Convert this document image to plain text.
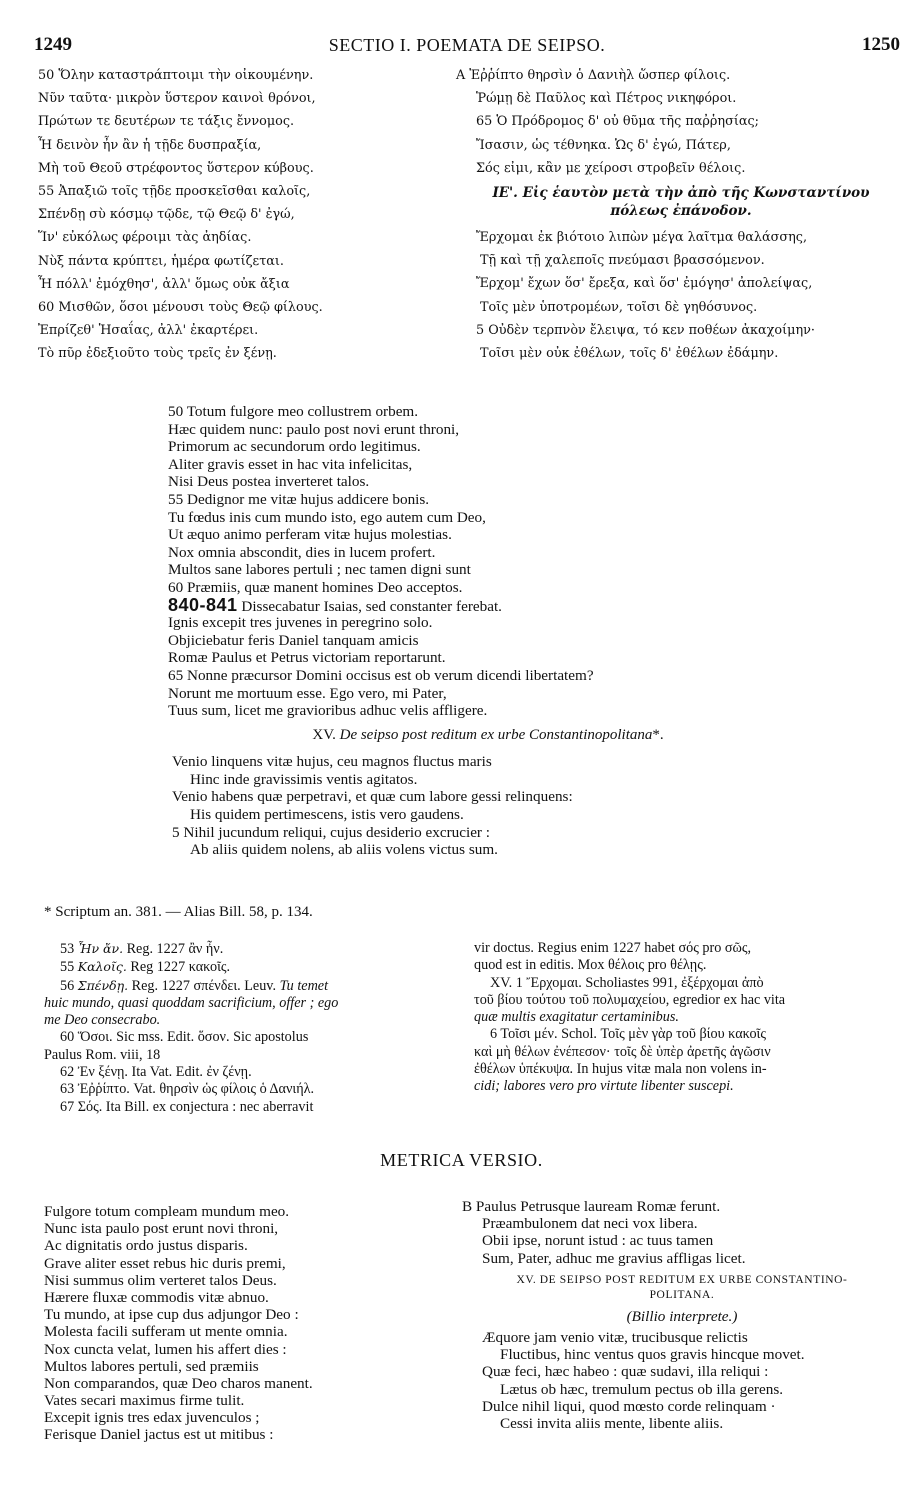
1249	SECTIO I. POEMATA DE SEIPSO.	1250
50 Ὅλην καταστράπτοιμι τὴν οἰκουμένην.
Νῦν ταῦτα· μικρὸν ὕστερον καινοὶ θρόνοι,
Πρώτων τε δευτέρων τε τάξις ἔννομος.
Ἦ δεινὸν ἦν ἂν ἡ τῇδε δυσπραξία,
Μὴ τοῦ Θεοῦ στρέφοντος ὕστερον κύβους.
55 Ἀπαξιῶ τοῖς τῇδε προσκεῖσθαι καλοῖς,
Σπένδῃ σὺ κόσμῳ τῷδε, τῷ Θεῷ δ' ἐγώ,
Ἵν' εὐκόλως φέροιμι τὰς ἀηδίας.
Νὺξ πάντα κρύπτει, ἡμέρα φωτίζεται.
Ἦ πόλλ' ἐμόχθησ', ἀλλ' ὅμως οὐκ ἄξια
60 Μισθῶν, ὅσοι μένουσι τοὺς Θεῷ φίλους.
Ἐπρίζεθ' Ἡσαΐας, ἀλλ' ἐκαρτέρει.
Τὸ πῦρ ἐδεξιοῦτο τοὺς τρεῖς ἐν ξένῃ.
A Ἐῤῥίπτο θηρσὶν ὁ Δανιὴλ ὥσπερ φίλοις.
Ῥώμῃ δὲ Παῦλος καὶ Πέτρος νικηφόροι.
65 Ὁ Πρόδρομος δ' οὐ θῦμα τῆς παῤῥησίας;
Ἴσασιν, ὡς τέθνηκα. Ὡς δ' ἐγώ, Πάτερ,
Σός εἰμι, κἂν με χείροσι στροβεῖν θέλοις.
ΙΕ'. Εἰς ἑαυτὸν μετὰ τὴν ἀπὸ τῆς Κωνσταντίνου
πόλεως ἐπάνοδον.
Ἔρχομαι ἐκ βιότοιο λιπὼν μέγα λαῖτμα θαλάσσης,
Τῇ καὶ τῇ χαλεποῖς πνεύμασι βρασσόμενον.
Ἔρχομ' ἔχων ὅσ' ἔρεξα, καὶ ὅσ' ἐμόγησ' ἀπολείψας,
Τοῖς μὲν ὑποτρομέων, τοῖσι δὲ γηθόσυνος.
5 Οὐδὲν τερπνὸν ἔλειψα, τό κεν ποθέων ἀκαχοίμην·
Τοῖσι μὲν οὐκ ἐθέλων, τοῖς δ' ἐθέλων ἐδάμην.
50 Totum fulgore meo collustrem orbem.
Hæc quidem nunc: paulo post novi erunt throni,
Primorum ac secundorum ordo legitimus.
Aliter gravis esset in hac vita infelicitas,
Nisi Deus postea inverteret talos.
55 Dedignor me vitæ hujus addicere bonis.
Tu fœdus inis cum mundo isto, ego autem cum Deo,
Ut æquo animo perferam vitæ hujus molestias.
Nox omnia abscondit, dies in lucem profert.
Multos sane labores pertuli ; nec tamen digni sunt
60 Præmiis, quæ manent homines Deo acceptos.
840-841 Dissecabatur Isaias, sed constanter ferebat.
Ignis excepit tres juvenes in peregrino solo.
Objiciebatur feris Daniel tanquam amicis
Romæ Paulus et Petrus victoriam reportarunt.
65 Nonne præcursor Domini occisus est ob verum dicendi libertatem?
Norunt me mortuum esse. Ego vero, mi Pater,
Tuus sum, licet me gravioribus adhuc velis affligere.
XV. De seipso post reditum ex urbe Constantinopolitana*.
Venio linquens vitæ hujus, ceu magnos fluctus maris
Hinc inde gravissimis ventis agitatos.
Venio habens quæ perpetravi, et quæ cum labore gessi relinquens:
His quidem pertimescens, istis vero gaudens.
5 Nihil jucundum reliqui, cujus desiderio excrucier :
Ab aliis quidem nolens, ab aliis volens victus sum.
* Scriptum an. 381. — Alias Bill. 58, p. 134.
53 Ἦν ἄν. Reg. 1227 ἂν ἦν.
55 Καλοῖς. Reg 1227 κακοῖς.
56 Σπένδῃ. Reg. 1227 σπένδει. Leuv. Tu temet
huic mundo, quasi quoddam sacrificium, offer ; ego
me Deo consecrabo.
60 Ὅσοι. Sic mss. Edit. ὅσον. Sic apostolus
Paulus Rom. viii, 18
62 Ἐν ξένῃ. Ita Vat. Edit. ἐν ζένῃ.
63 Ἐῤῥίπτο. Vat. θηρσὶν ὡς φίλοις ὁ Δανιήλ.
67 Σός. Ita Bill. ex conjectura : nec aberravit
vir doctus. Regius enim 1227 habet σός pro σῶς,
quod est in editis. Mox θέλοις pro θέλῃς.
XV. 1 Ἔρχομαι. Scholiastes 991, ἐξέρχομαι ἀπὸ
τοῦ βίου τούτου τοῦ πολυμαχείου, egredior ex hac vita
quæ multis exagitatur certaminibus.
6 Τοῖσι μέν. Schol. Τοῖς μὲν γὰρ τοῦ βίου κακοῖς
καὶ μὴ θέλων ἐνέπεσον· τοῖς δὲ ὑπὲρ ἀρετῆς ἀγῶσιν
ἐθέλων ὑπέκυψα. In hujus vitæ mala non volens in-
cidi; labores vero pro virtute libenter suscepi.
METRICA VERSIO.
Fulgore totum compleam mundum meo.
Nunc ista paulo post erunt novi throni,
Ac dignitatis ordo justus disparis.
Grave aliter esset rebus hic duris premi,
Nisi summus olim verteret talos Deus.
Hærere fluxæ commodis vitæ abnuo.
Tu mundo, at ipse cup dus adjungor Deo :
Molesta facili sufferam ut mente omnia.
Nox cuncta velat, lumen his affert dies :
Multos labores pertuli, sed præmiis
Non comparandos, quæ Deo charos manent.
Vates secari maximus firme tulit.
Excepit ignis tres edax juvenculos ;
Ferisque Daniel jactus est ut mitibus :
B Paulus Petrusque lauream Romæ ferunt.
Præambulonem dat neci vox libera.
Obii ipse, norunt istud : ac tuus tamen
Sum, Pater, adhuc me gravius affligas licet.
XV. DE SEIPSO POST REDITUM EX URBE CONSTANTINO-
POLITANA.
(Billio interprete.)
Æquore jam venio vitæ, trucibusque relictis
Fluctibus, hinc ventus quos gravis hincque movet.
Quæ feci, hæc habeo : quæ sudavi, illa reliqui :
Lætus ob hæc, tremulum pectus ob illa gerens.
Dulce nihil liqui, quod mœsto corde relinquam ·
Cessi invita aliis mente, libente aliis.
